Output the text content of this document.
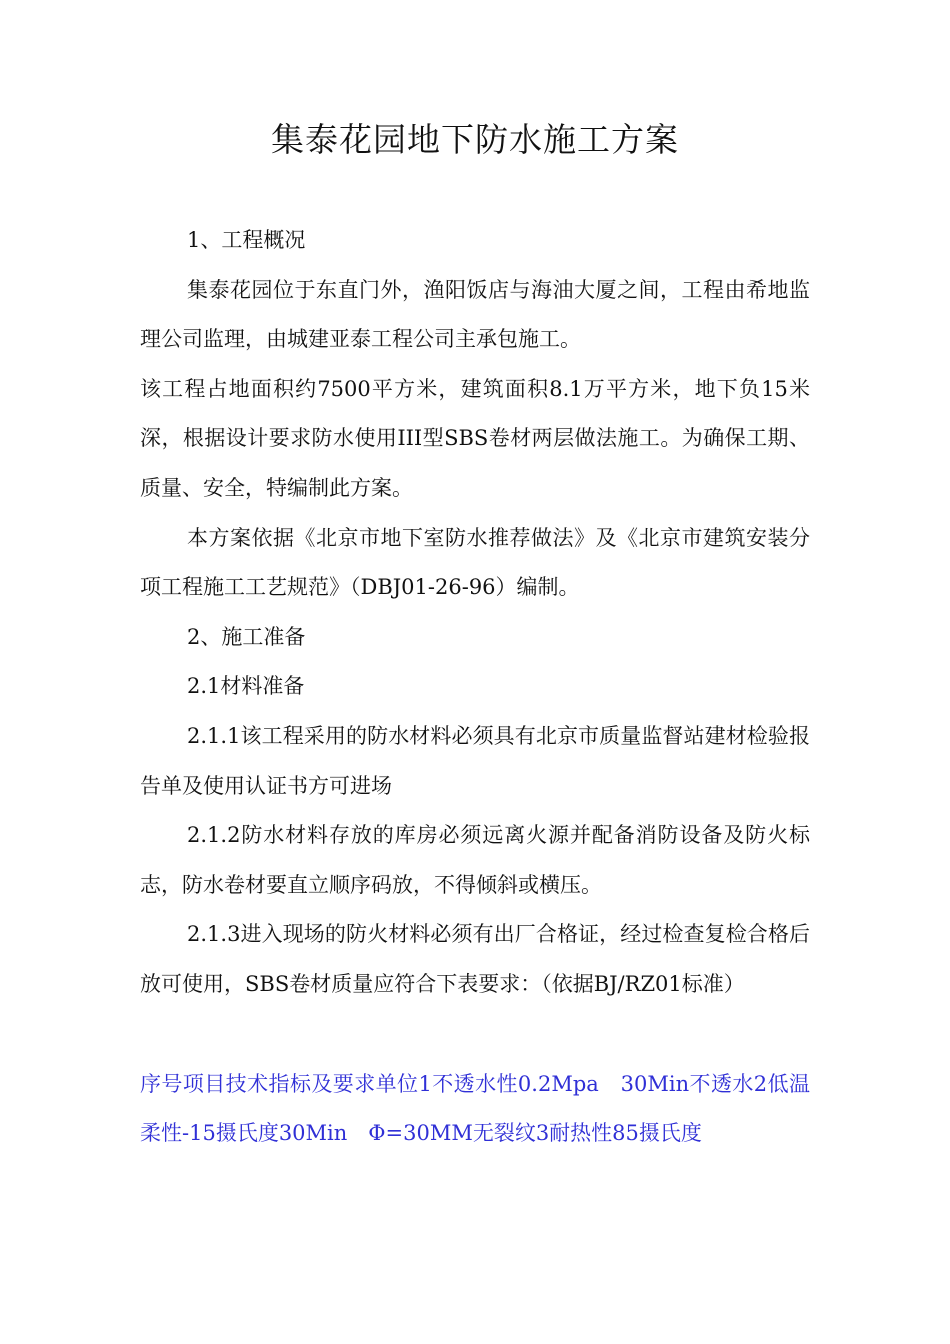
集泰花园地下防水施工方案

1、工程概况

集泰花园位于东直门外，渔阳饭店与海油大厦之间，工程由希地监理公司监理，由城建亚泰工程公司主承包施工。

该工程占地面积约7500平方米，建筑面积8.1万平方米，地下负15米深，根据设计要求防水使用III型SBS卷材两层做法施工。为确保工期、质量、安全，特编制此方案。

本方案依据《北京市地下室防水推荐做法》及《北京市建筑安装分项工程施工工艺规范》（DBJ01-26-96）编制。

2、施工准备

2.1材料准备

2.1.1该工程采用的防水材料必须具有北京市质量监督站建材检验报告单及使用认证书方可进场

2.1.2防水材料存放的库房必须远离火源并配备消防设备及防火标志，防水卷材要直立顺序码放，不得倾斜或横压。

2.1.3进入现场的防火材料必须有出厂合格证，经过检查复检合格后放可使用，SBS卷材质量应符合下表要求：（依据BJ/RZ01标准）

序号项目技术指标及要求单位1不透水性0.2Mpa　30Min不透水2低温柔性-15摄氏度30Min　Φ=30MM无裂纹3耐热性85摄氏度
